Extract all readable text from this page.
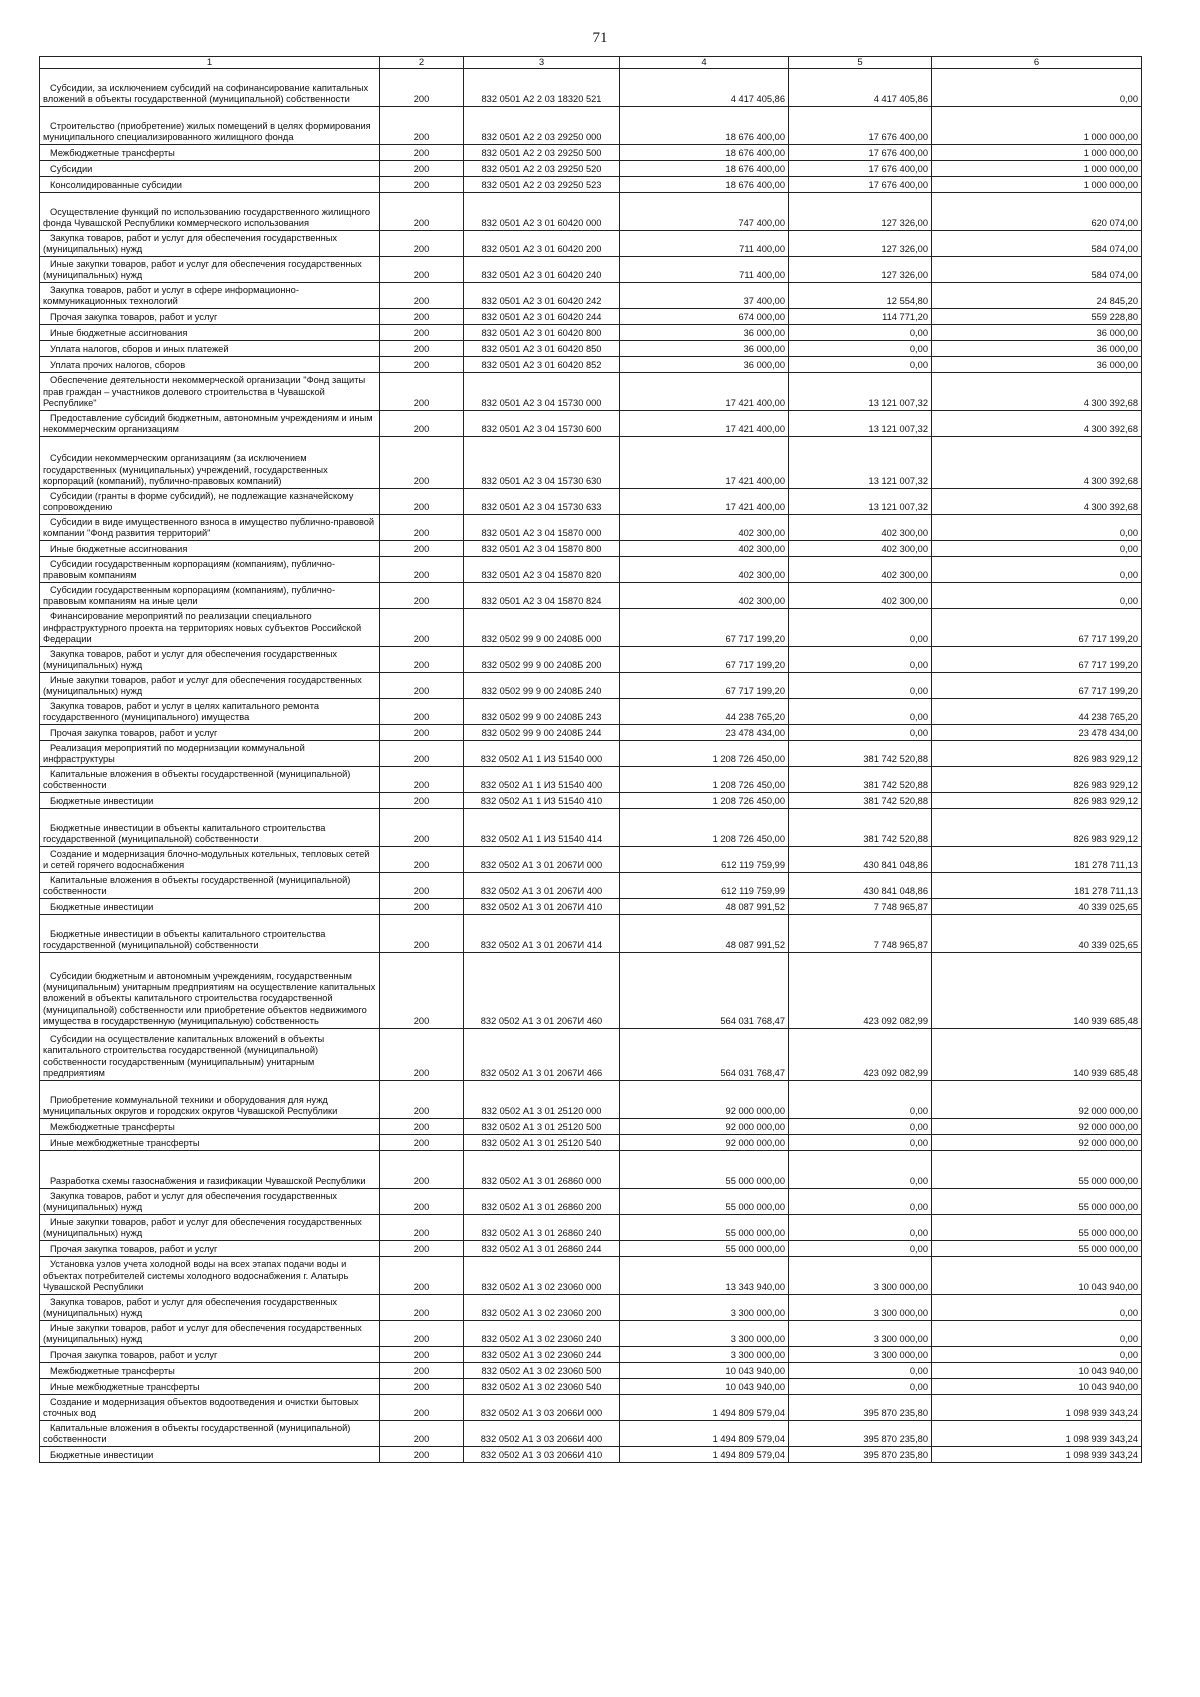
71
1	2	3	4	5	6
Субсидии, за исключением субсидий на софинансирование капитальных вложений в объекты государственной (муниципальной) собственности	200	832 0501 А2 2 03 18320 521	4 417 405,86	4 417 405,86	0,00
Строительство (приобретение) жилых помещений в целях формирования муниципального специализированного жилищного фонда	200	832 0501 А2 2 03 29250 000	18 676 400,00	17 676 400,00	1 000 000,00
Межбюджетные трансферты	200	832 0501 А2 2 03 29250 500	18 676 400,00	17 676 400,00	1 000 000,00
Субсидии	200	832 0501 А2 2 03 29250 520	18 676 400,00	17 676 400,00	1 000 000,00
Консолидированные субсидии	200	832 0501 А2 2 03 29250 523	18 676 400,00	17 676 400,00	1 000 000,00
Осуществление функций по использованию государственного жилищного фонда Чувашской Республики коммерческого использования	200	832 0501 А2 3 01 60420 000	747 400,00	127 326,00	620 074,00
Закупка товаров, работ и услуг для обеспечения государственных (муниципальных) нужд	200	832 0501 А2 3 01 60420 200	711 400,00	127 326,00	584 074,00
Иные закупки товаров, работ и услуг для обеспечения государственных (муниципальных) нужд	200	832 0501 А2 3 01 60420 240	711 400,00	127 326,00	584 074,00
Закупка товаров, работ и услуг в сфере информационно-коммуникационных технологий	200	832 0501 А2 3 01 60420 242	37 400,00	12 554,80	24 845,20
Прочая закупка товаров, работ и услуг	200	832 0501 А2 3 01 60420 244	674 000,00	114 771,20	559 228,80
Иные бюджетные ассигнования	200	832 0501 А2 3 01 60420 800	36 000,00	0,00	36 000,00
Уплата налогов, сборов и иных платежей	200	832 0501 А2 3 01 60420 850	36 000,00	0,00	36 000,00
Уплата прочих налогов, сборов	200	832 0501 А2 3 01 60420 852	36 000,00	0,00	36 000,00
Обеспечение деятельности некоммерческой организации "Фонд защиты прав граждан – участников долевого строительства в Чувашской Республике"	200	832 0501 А2 3 04 15730 000	17 421 400,00	13 121 007,32	4 300 392,68
Предоставление субсидий бюджетным, автономным учреждениям и иным некоммерческим организациям	200	832 0501 А2 3 04 15730 600	17 421 400,00	13 121 007,32	4 300 392,68
Субсидии некоммерческим организациям (за исключением государственных (муниципальных) учреждений, государственных корпораций (компаний), публично-правовых компаний)	200	832 0501 А2 3 04 15730 630	17 421 400,00	13 121 007,32	4 300 392,68
Субсидии (гранты в форме субсидий), не подлежащие казначейскому сопровождению	200	832 0501 А2 3 04 15730 633	17 421 400,00	13 121 007,32	4 300 392,68
Субсидии в виде имущественного взноса в имущество публично-правовой компании "Фонд развития территорий"	200	832 0501 А2 3 04 15870 000	402 300,00	402 300,00	0,00
Иные бюджетные ассигнования	200	832 0501 А2 3 04 15870 800	402 300,00	402 300,00	0,00
Субсидии государственным корпорациям (компаниям), публично-правовым компаниям	200	832 0501 А2 3 04 15870 820	402 300,00	402 300,00	0,00
Субсидии государственным корпорациям (компаниям), публично-правовым компаниям на иные цели	200	832 0501 А2 3 04 15870 824	402 300,00	402 300,00	0,00
Финансирование мероприятий по реализации специального инфраструктурного проекта на территориях новых субъектов Российской Федерации	200	832 0502 99 9 00 2408Б 000	67 717 199,20	0,00	67 717 199,20
Закупка товаров, работ и услуг для обеспечения государственных (муниципальных) нужд	200	832 0502 99 9 00 2408Б 200	67 717 199,20	0,00	67 717 199,20
Иные закупки товаров, работ и услуг для обеспечения государственных (муниципальных) нужд	200	832 0502 99 9 00 2408Б 240	67 717 199,20	0,00	67 717 199,20
Закупка товаров, работ и услуг в целях капитального ремонта государственного (муниципального) имущества	200	832 0502 99 9 00 2408Б 243	44 238 765,20	0,00	44 238 765,20
Прочая закупка товаров, работ и услуг	200	832 0502 99 9 00 2408Б 244	23 478 434,00	0,00	23 478 434,00
Реализация мероприятий по модернизации коммунальной инфраструктуры	200	832 0502 А1 1 И3 51540 000	1 208 726 450,00	381 742 520,88	826 983 929,12
Капитальные вложения в объекты государственной (муниципальной) собственности	200	832 0502 А1 1 И3 51540 400	1 208 726 450,00	381 742 520,88	826 983 929,12
Бюджетные инвестиции	200	832 0502 А1 1 И3 51540 410	1 208 726 450,00	381 742 520,88	826 983 929,12
Бюджетные инвестиции в объекты капитального строительства государственной (муниципальной) собственности	200	832 0502 А1 1 И3 51540 414	1 208 726 450,00	381 742 520,88	826 983 929,12
Создание и модернизация блочно-модульных котельных, тепловых сетей и сетей горячего водоснабжения	200	832 0502 А1 3 01 2067И 000	612 119 759,99	430 841 048,86	181 278 711,13
Капитальные вложения в объекты государственной (муниципальной) собственности	200	832 0502 А1 3 01 2067И 400	612 119 759,99	430 841 048,86	181 278 711,13
Бюджетные инвестиции	200	832 0502 А1 3 01 2067И 410	48 087 991,52	7 748 965,87	40 339 025,65
Бюджетные инвестиции в объекты капитального строительства государственной (муниципальной) собственности	200	832 0502 А1 3 01 2067И 414	48 087 991,52	7 748 965,87	40 339 025,65
Субсидии бюджетным и автономным учреждениям, государственным (муниципальным) унитарным предприятиям на осуществление капитальных вложений в объекты капитального строительства государственной (муниципальной) собственности или приобретение объектов недвижимого имущества в государственную (муниципальную) собственность	200	832 0502 А1 3 01 2067И 460	564 031 768,47	423 092 082,99	140 939 685,48
Субсидии на осуществление капитальных вложений в объекты капитального строительства государственной (муниципальной) собственности государственным (муниципальным) унитарным предприятиям	200	832 0502 А1 3 01 2067И 466	564 031 768,47	423 092 082,99	140 939 685,48
Приобретение коммунальной техники и оборудования для нужд муниципальных округов и городских округов Чувашской Республики	200	832 0502 А1 3 01 25120 000	92 000 000,00	0,00	92 000 000,00
Межбюджетные трансферты	200	832 0502 А1 3 01 25120 500	92 000 000,00	0,00	92 000 000,00
Иные межбюджетные трансферты	200	832 0502 А1 3 01 25120 540	92 000 000,00	0,00	92 000 000,00
Разработка схемы газоснабжения и газификации Чувашской Республики	200	832 0502 А1 3 01 26860 000	55 000 000,00	0,00	55 000 000,00
Закупка товаров, работ и услуг для обеспечения государственных (муниципальных) нужд	200	832 0502 А1 3 01 26860 200	55 000 000,00	0,00	55 000 000,00
Иные закупки товаров, работ и услуг для обеспечения государственных (муниципальных) нужд	200	832 0502 А1 3 01 26860 240	55 000 000,00	0,00	55 000 000,00
Прочая закупка товаров, работ и услуг	200	832 0502 А1 3 01 26860 244	55 000 000,00	0,00	55 000 000,00
Установка узлов учета холодной воды на всех этапах подачи воды и объектах потребителей системы холодного водоснабжения г. Алатырь Чувашской Республики	200	832 0502 А1 3 02 23060 000	13 343 940,00	3 300 000,00	10 043 940,00
Закупка товаров, работ и услуг для обеспечения государственных (муниципальных) нужд	200	832 0502 А1 3 02 23060 200	3 300 000,00	3 300 000,00	0,00
Иные закупки товаров, работ и услуг для обеспечения государственных (муниципальных) нужд	200	832 0502 А1 3 02 23060 240	3 300 000,00	3 300 000,00	0,00
Прочая закупка товаров, работ и услуг	200	832 0502 А1 3 02 23060 244	3 300 000,00	3 300 000,00	0,00
Межбюджетные трансферты	200	832 0502 А1 3 02 23060 500	10 043 940,00	0,00	10 043 940,00
Иные межбюджетные трансферты	200	832 0502 А1 3 02 23060 540	10 043 940,00	0,00	10 043 940,00
Создание и модернизация объектов водоотведения и очистки бытовых сточных вод	200	832 0502 А1 3 03 2066И 000	1 494 809 579,04	395 870 235,80	1 098 939 343,24
Капитальные вложения в объекты государственной (муниципальной) собственности	200	832 0502 А1 3 03 2066И 400	1 494 809 579,04	395 870 235,80	1 098 939 343,24
Бюджетные инвестиции	200	832 0502 А1 3 03 2066И 410	1 494 809 579,04	395 870 235,80	1 098 939 343,24
